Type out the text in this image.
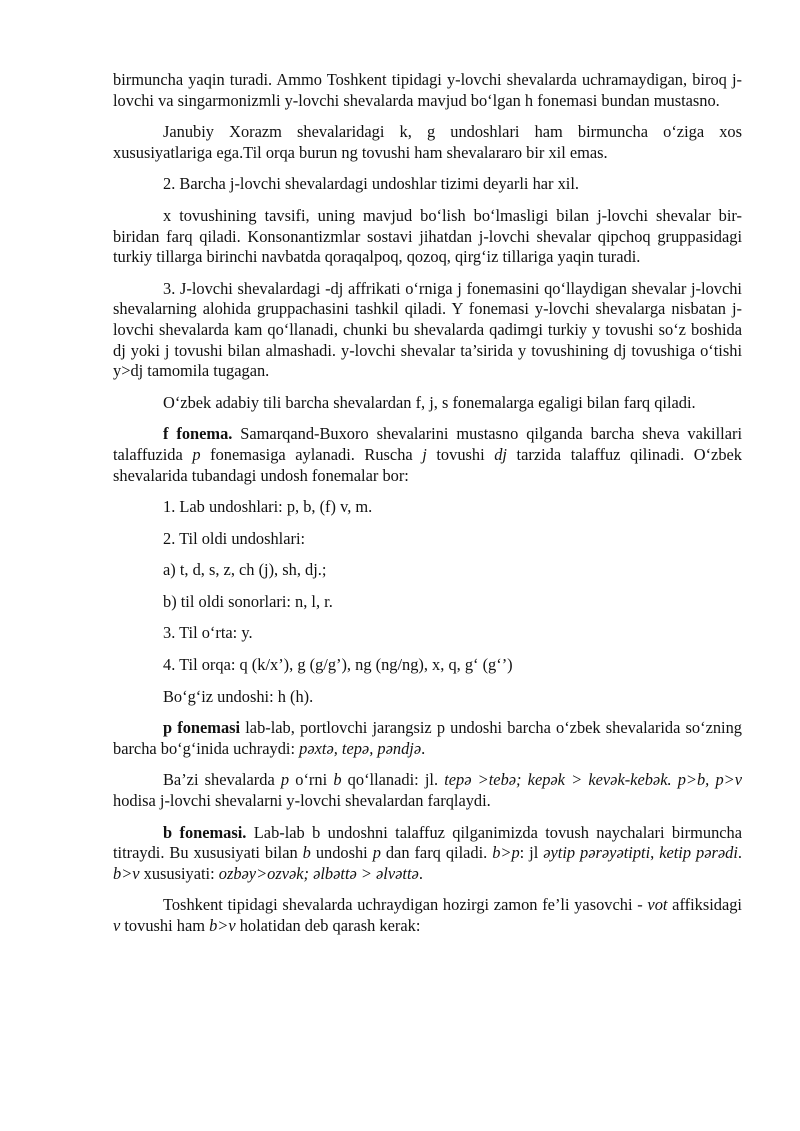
birmuncha yaqin turadi. Ammo Toshkent tipidagi y-lovchi shevalarda uchramaydigan, biroq j-lovchi va singarmonizmli y-lovchi shevalarda mavjud bo‘lgan h fonemasi bundan mustasno.

Janubiy Xorazm shevalaridagi k, g undoshlari ham birmuncha o‘ziga xos xususiyatlariga ega.Til orqa burun ng tovushi ham shevalararo bir xil emas.

2. Barcha j-lovchi shevalardagi undoshlar tizimi deyarli har xil.

x tovushining tavsifi, uning mavjud bo‘lish bo‘lmasligi bilan j-lovchi shevalar bir-biridan farq qiladi. Konsonantizmlar sostavi jihatdan j-lovchi shevalar qipchoq gruppasidagi turkiy tillarga birinchi navbatda qoraqalpoq, qozoq, qirg‘iz tillariga yaqin turadi.

3. J-lovchi shevalardagi -dj affrikati o‘rniga j fonemasini qo‘llaydigan shevalar j-lovchi shevalarning alohida gruppachasini tashkil qiladi. Y fonemasi y-lovchi shevalarga nisbatan j-lovchi shevalarda kam qo‘llanadi, chunki bu shevalarda qadimgi turkiy y tovushi so‘z boshida dj yoki j tovushi bilan almashadi. y-lovchi shevalar ta’sirida y tovushining dj tovushiga o‘tishi y>dj tamomila tugagan.

O‘zbek adabiy tili barcha shevalardan f, j, s fonemalarga egaligi bilan farq qiladi.

f fonema. Samarqand-Buxoro shevalarini mustasno qilganda barcha sheva vakillari talaffuzida p fonemasiga aylanadi. Ruscha j tovushi dj tarzida talaffuz qilinadi. O‘zbek shevalarida tubandagi undosh fonemalar bor:

1. Lab undoshlari: p, b, (f) v, m.

2. Til oldi undoshlari:

a) t, d, s, z, ch (j), sh, dj.;

b) til oldi sonorlari: n, l, r.

3. Til o‘rta: y.

4. Til orqa: q (k/x’), g (g/g’), ng (ng/ng), x, q, g‘ (g‘’)

Bo‘g‘iz undoshi: h (h).

p fonemasi lab-lab, portlovchi jarangsiz p undoshi barcha o‘zbek shevalarida so‘zning barcha bo‘g‘inida uchraydi: pəxtə, tepə, pəndjə.

Ba’zi shevalarda p o‘rni b qo‘llanadi: jl. tepə >tebə; kepək > kevək-kebək. p>b, p>v hodisa j-lovchi shevalarni y-lovchi shevalardan farqlaydi.

b fonemasi. Lab-lab b undoshni talaffuz qilganimizda tovush naychalari birmuncha titraydi. Bu xususiyati bilan b undoshi p dan farq qiladi. b>p: jl əytip pərəyətipti, ketip pərədi. b>v xususiyati: ozbəy>ozvək; əlbəttə > əlvəttə.

Toshkent tipidagi shevalarda uchraydigan hozirgi zamon fe’li yasovchi - vot affiksidagi v tovushi ham b>v holatidan deb qarash kerak:
